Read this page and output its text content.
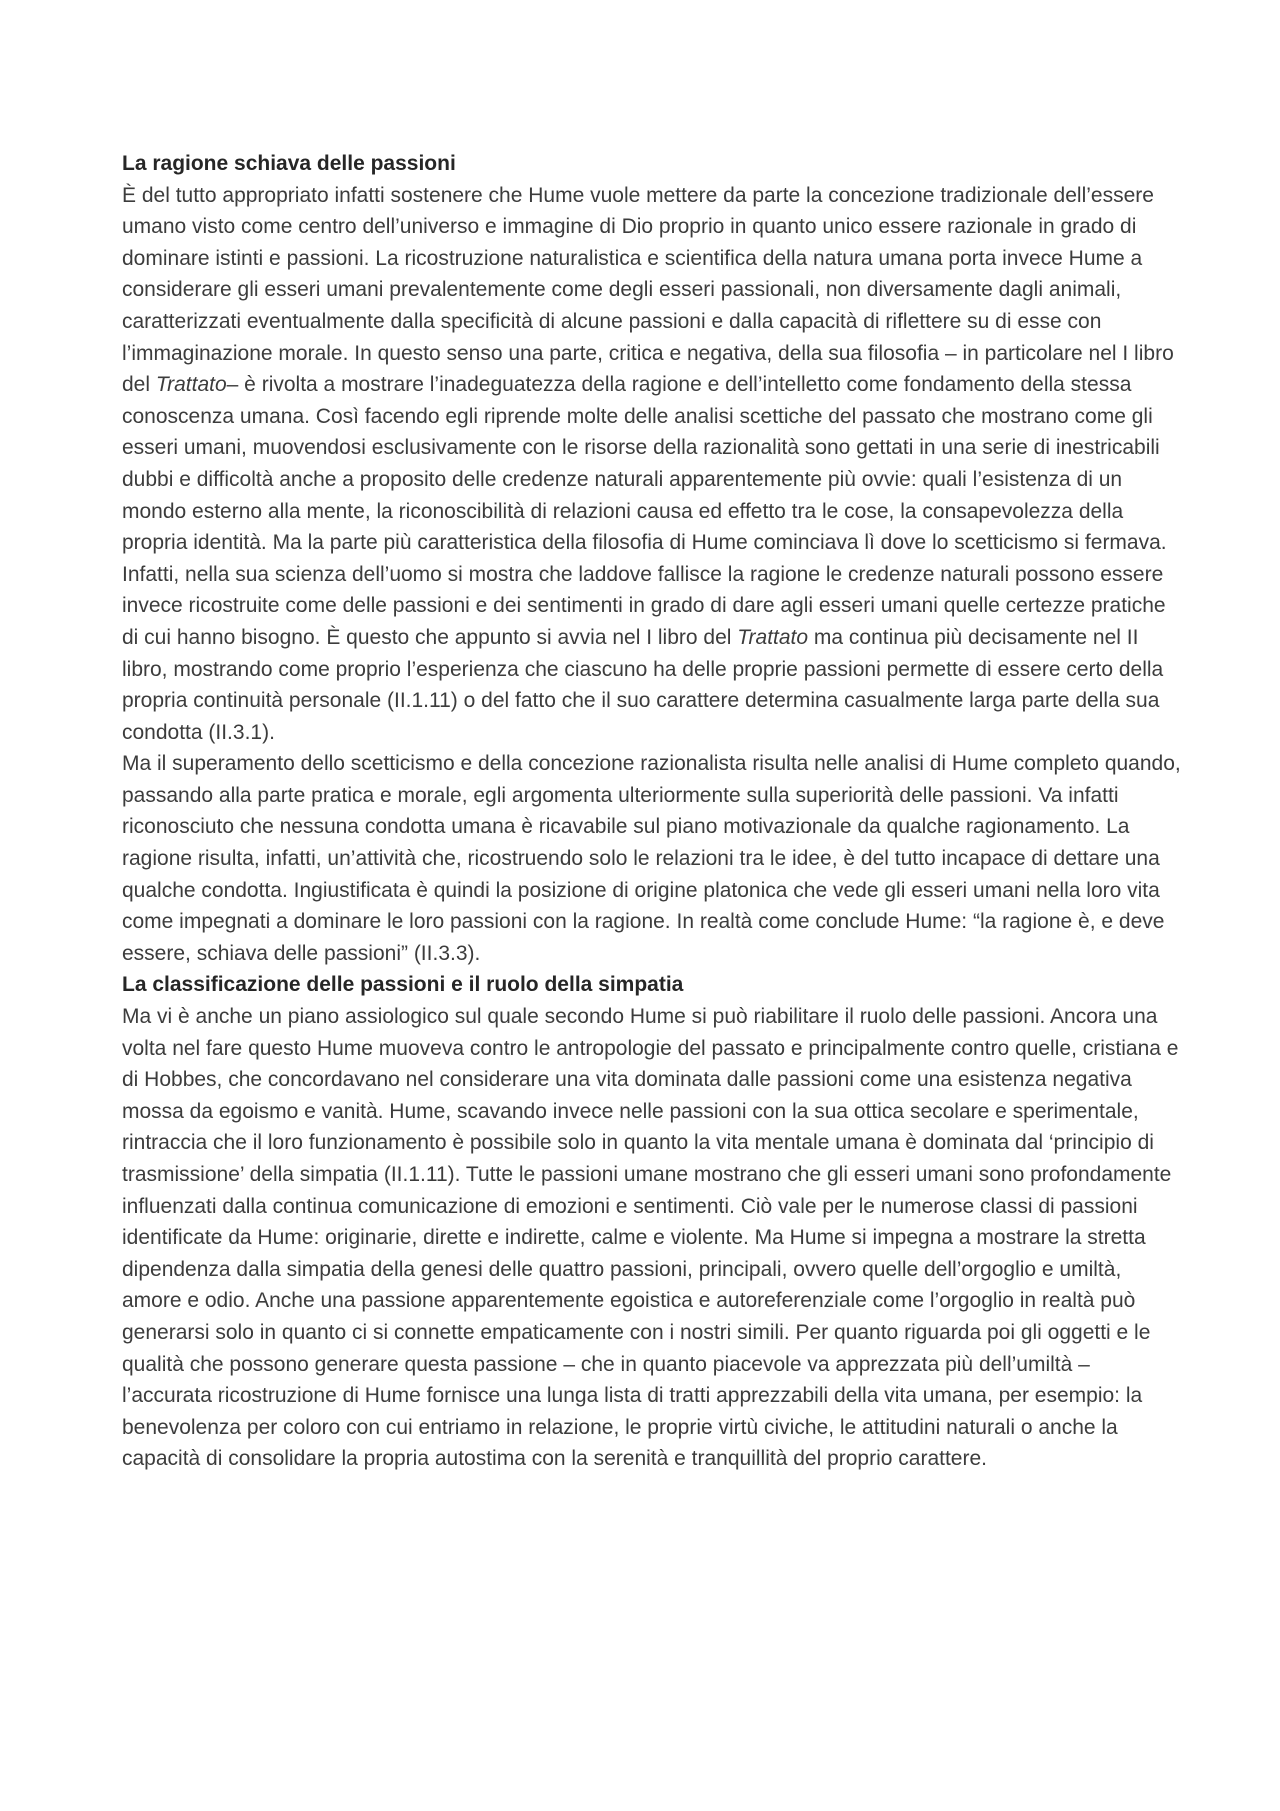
La ragione schiava delle passioni

È del tutto appropriato infatti sostenere che Hume vuole mettere da parte la concezione tradizionale dell’essere umano visto come centro dell’universo e immagine di Dio proprio in quanto unico essere razionale in grado di dominare istinti e passioni. La ricostruzione naturalistica e scientifica della natura umana porta invece Hume a considerare gli esseri umani prevalentemente come degli esseri passionali, non diversamente dagli animali, caratterizzati eventualmente dalla specificità di alcune passioni e dalla capacità di riflettere su di esse con l’immaginazione morale. In questo senso una parte, critica e negativa, della sua filosofia – in particolare nel I libro del Trattato– è rivolta a mostrare l’inadeguatezza della ragione e dell’intelletto come fondamento della stessa conoscenza umana. Così facendo egli riprende molte delle analisi scettiche del passato che mostrano come gli esseri umani, muovendosi esclusivamente con le risorse della razionalità sono gettati in una serie di inestricabili dubbi e difficoltà anche a proposito delle credenze naturali apparentemente più ovvie: quali l’esistenza di un mondo esterno alla mente, la riconoscibilità di relazioni causa ed effetto tra le cose, la consapevolezza della propria identità. Ma la parte più caratteristica della filosofia di Hume cominciava lì dove lo scetticismo si fermava. Infatti, nella sua scienza dell’uomo si mostra che laddove fallisce la ragione le credenze naturali possono essere invece ricostruite come delle passioni e dei sentimenti in grado di dare agli esseri umani quelle certezze pratiche di cui hanno bisogno. È questo che appunto si avvia nel I libro del Trattato ma continua più decisamente nel II libro, mostrando come proprio l’esperienza che ciascuno ha delle proprie passioni permette di essere certo della propria continuità personale (II.1.11) o del fatto che il suo carattere determina casualmente larga parte della sua condotta (II.3.1).

Ma il superamento dello scetticismo e della concezione razionalista risulta nelle analisi di Hume completo quando, passando alla parte pratica e morale, egli argomenta ulteriormente sulla superiorità delle passioni. Va infatti riconosciuto che nessuna condotta umana è ricavabile sul piano motivazionale da qualche ragionamento. La ragione risulta, infatti, un’attività che, ricostruendo solo le relazioni tra le idee, è del tutto incapace di dettare una qualche condotta. Ingiustificata è quindi la posizione di origine platonica che vede gli esseri umani nella loro vita come impegnati a dominare le loro passioni con la ragione. In realtà come conclude Hume: “la ragione è, e deve essere, schiava delle passioni” (II.3.3).

La classificazione delle passioni e il ruolo della simpatia

Ma vi è anche un piano assiologico sul quale secondo Hume si può riabilitare il ruolo delle passioni. Ancora una volta nel fare questo Hume muoveva contro le antropologie del passato e principalmente contro quelle, cristiana e di Hobbes, che concordavano nel considerare una vita dominata dalle passioni come una esistenza negativa mossa da egoismo e vanità. Hume, scavando invece nelle passioni con la sua ottica secolare e sperimentale, rintraccia che il loro funzionamento è possibile solo in quanto la vita mentale umana è dominata dal ‘principio di trasmissione’ della simpatia (II.1.11). Tutte le passioni umane mostrano che gli esseri umani sono profondamente influenzati dalla continua comunicazione di emozioni e sentimenti. Ciò vale per le numerose classi di passioni identificate da Hume: originarie, dirette e indirette, calme e violente. Ma Hume si impegna a mostrare la stretta dipendenza dalla simpatia della genesi delle quattro passioni, principali, ovvero quelle dell’orgoglio e umiltà, amore e odio. Anche una passione apparentemente egoistica e autoreferenziale come l’orgoglio in realtà può generarsi solo in quanto ci si connette empaticamente con i nostri simili. Per quanto riguarda poi gli oggetti e le qualità che possono generare questa passione – che in quanto piacevole va apprezzata più dell’umiltà – l’accurata ricostruzione di Hume fornisce una lunga lista di tratti apprezzabili della vita umana, per esempio: la benevolenza per coloro con cui entriamo in relazione, le proprie virtù civiche, le attitudini naturali o anche la capacità di consolidare la propria autostima con la serenità e tranquillità del proprio carattere.
